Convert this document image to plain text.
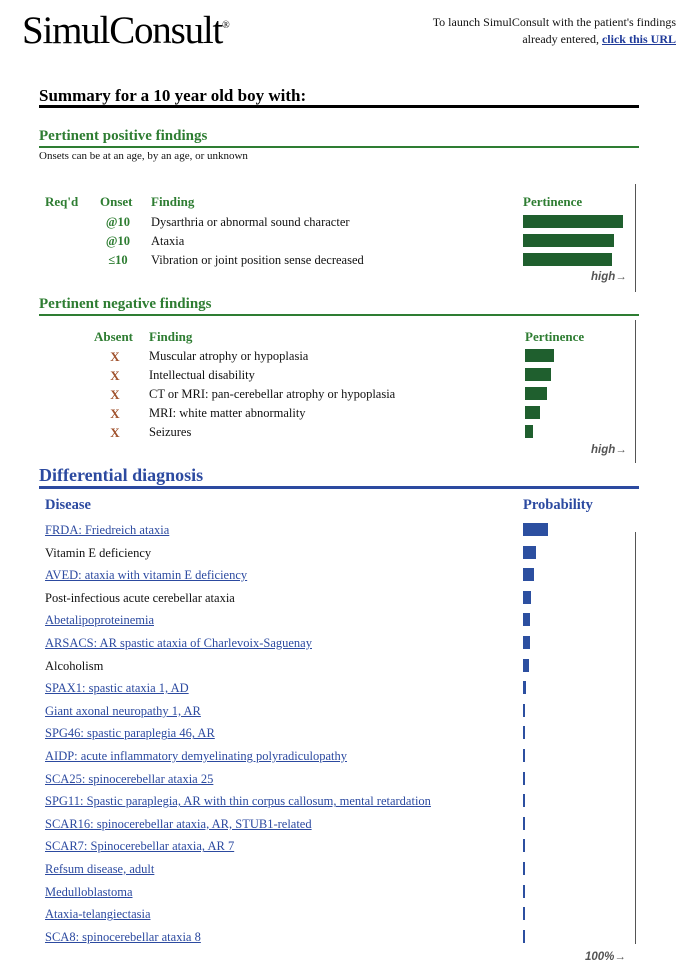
SimulConsult®	To launch SimulConsult with the patient's findings already entered, click this URL
Summary for a 10 year old boy with:
Pertinent positive findings
Onsets can be at an age, by an age, or unknown
Req'd Onset Finding	Pertinence
@10	Dysarthria or abnormal sound character
@10	Ataxia
≤10	Vibration or joint position sense decreased
high→
Pertinent negative findings
Absent Finding	Pertinence
X	Muscular atrophy or hypoplasia
X	Intellectual disability
X	CT or MRI: pan-cerebellar atrophy or hypoplasia
X	MRI: white matter abnormality
X	Seizures
high→
Differential diagnosis
Disease	Probability
FRDA: Friedreich ataxia
Vitamin E deficiency
AVED: ataxia with vitamin E deficiency
Post-infectious acute cerebellar ataxia
Abetalipoproteinemia
ARSACS: AR spastic ataxia of Charlevoix-Saguenay
Alcoholism
SPAX1: spastic ataxia 1, AD
Giant axonal neuropathy 1, AR
SPG46: spastic paraplegia 46, AR
AIDP: acute inflammatory demyelinating polyradiculopathy
SCA25: spinocerebellar ataxia 25
SPG11: Spastic paraplegia, AR with thin corpus callosum, mental retardation
SCAR16: spinocerebellar ataxia, AR, STUB1-related
SCAR7: Spinocerebellar ataxia, AR 7
Refsum disease, adult
Medulloblastoma
Ataxia-telangiectasia
SCA8: spinocerebellar ataxia 8
100%→
